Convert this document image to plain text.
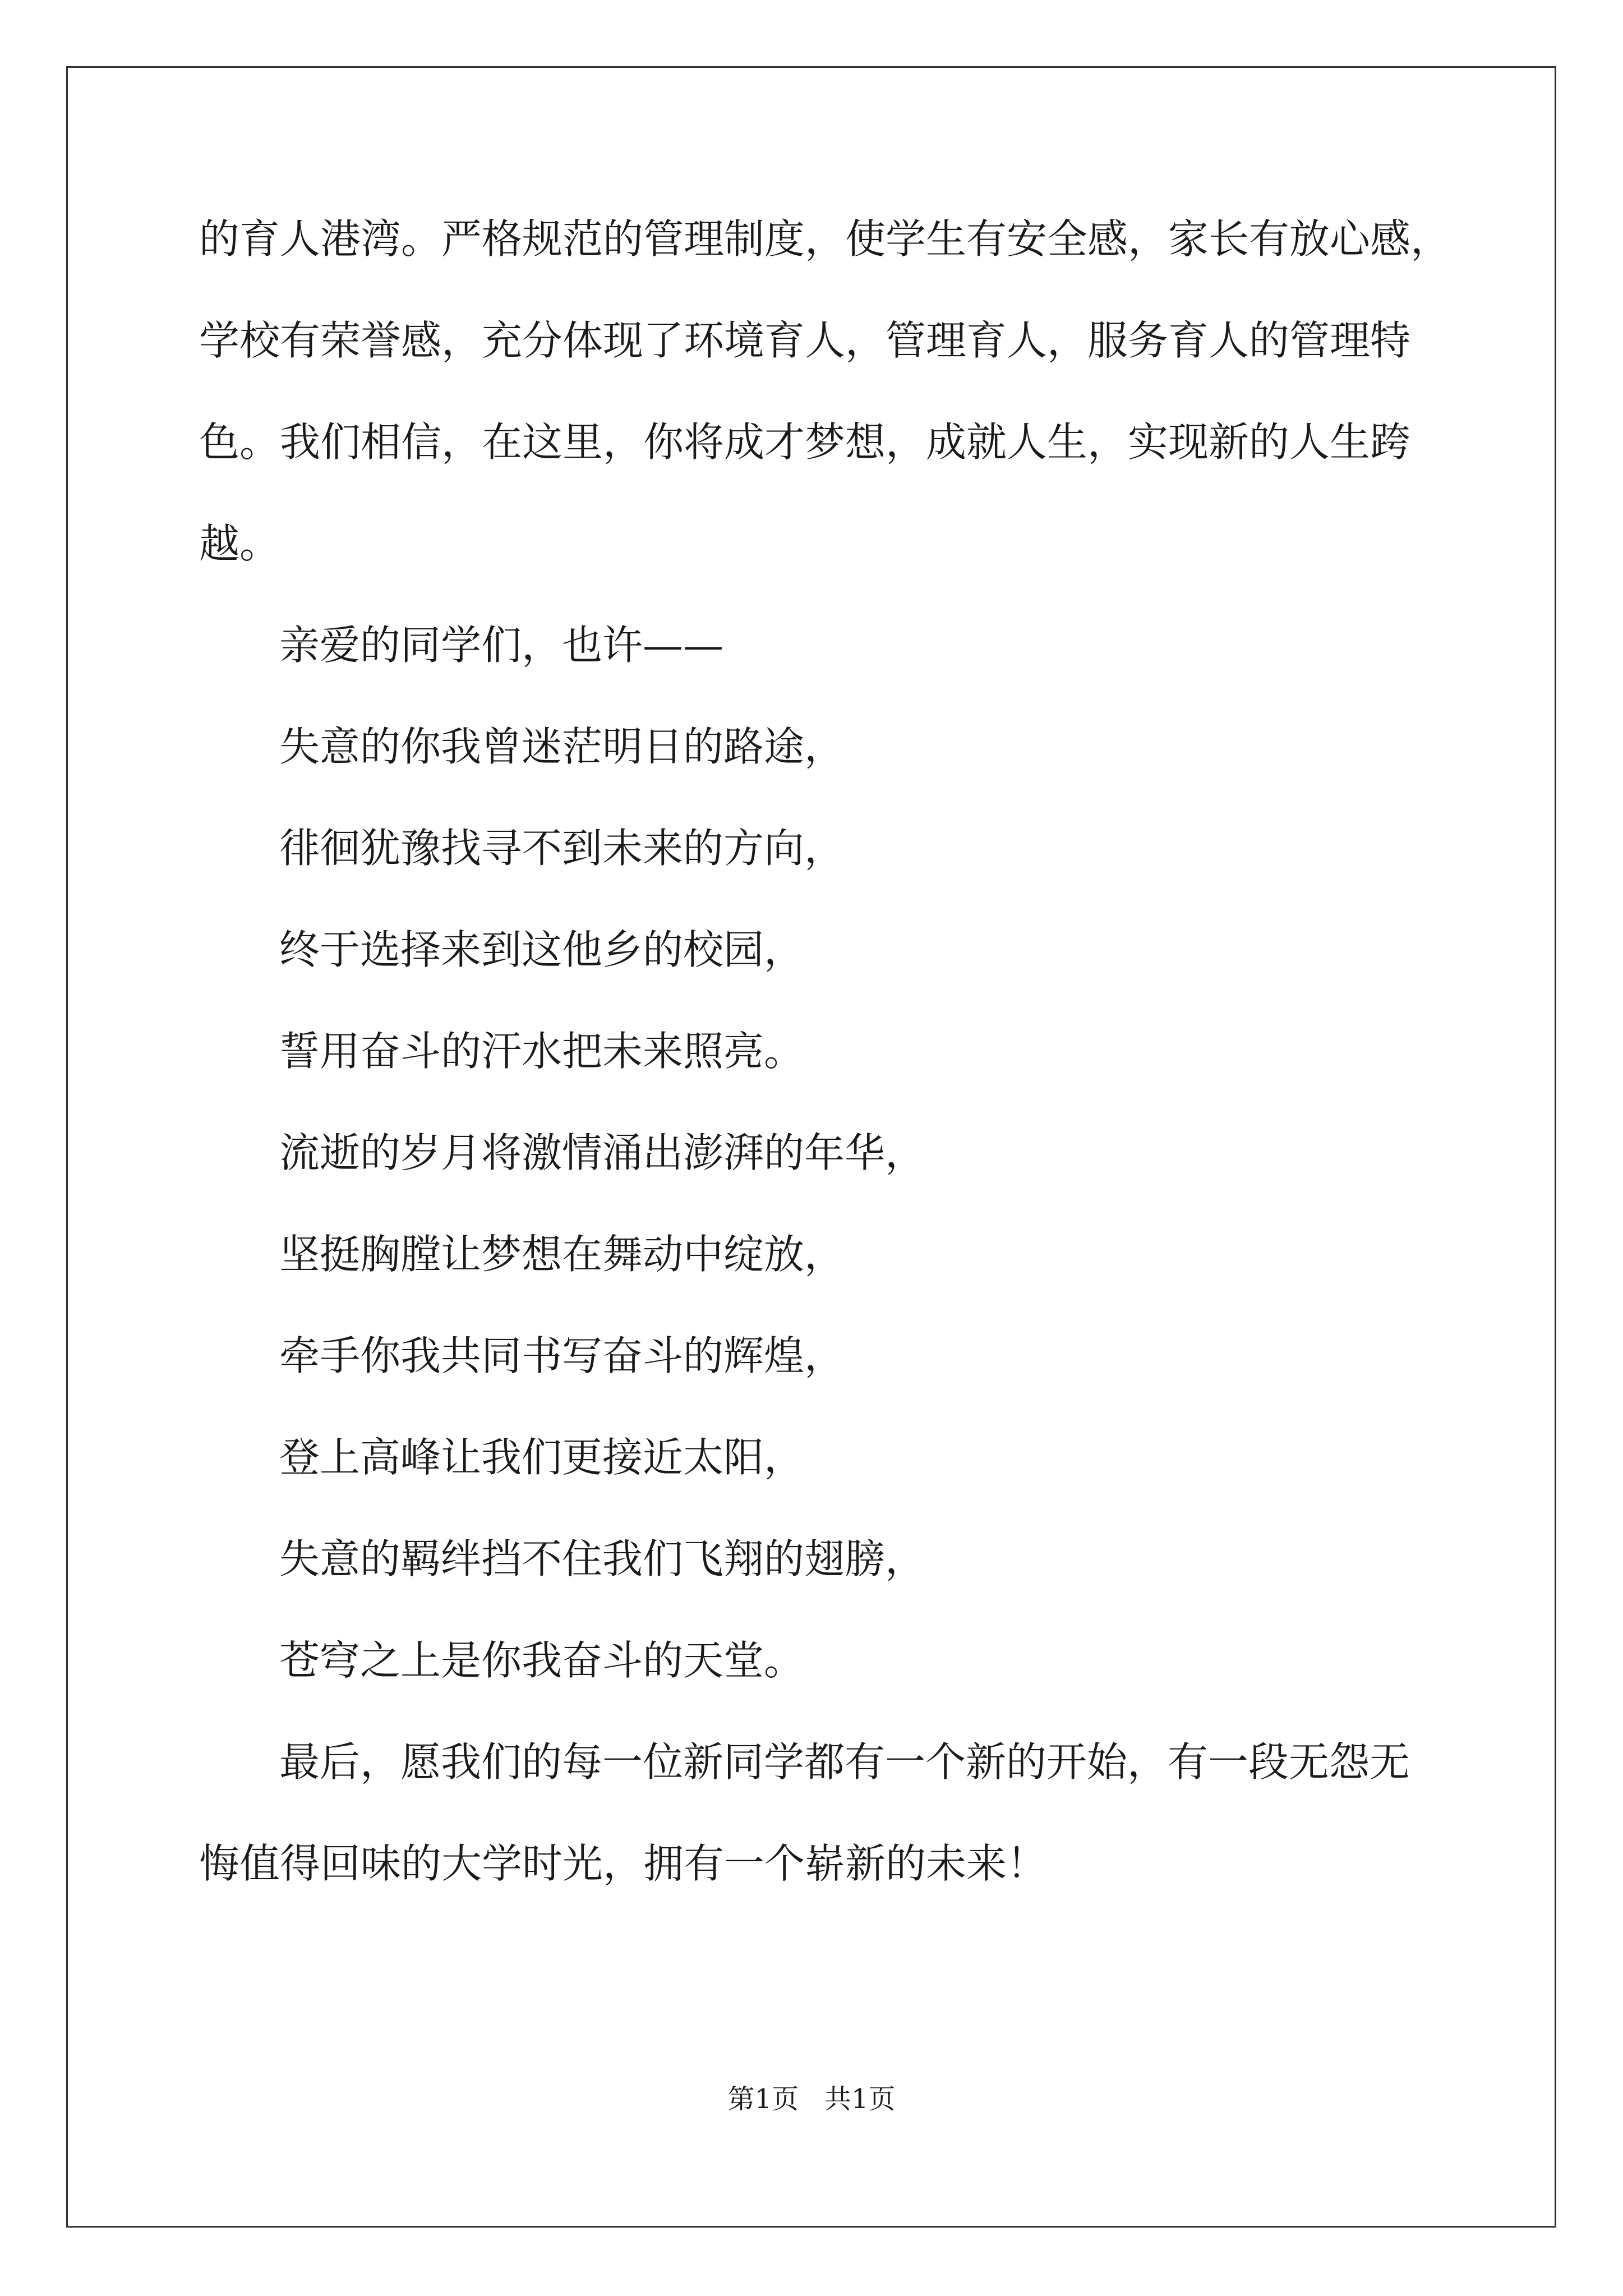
的育人港湾。严格规范的管理制度，使学生有安全感，家长有放心感，
学校有荣誉感，充分体现了环境育人，管理育人，服务育人的管理特
色。我们相信，在这里，你将成才梦想，成就人生，实现新的人生跨
越。
亲爱的同学们，也许——
失意的你我曾迷茫明日的路途，
徘徊犹豫找寻不到未来的方向，
终于选择来到这他乡的校园，
誓用奋斗的汗水把未来照亮。
流逝的岁月将激情涌出澎湃的年华，
坚挺胸膛让梦想在舞动中绽放，
牵手你我共同书写奋斗的辉煌，
登上高峰让我们更接近太阳，
失意的羁绊挡不住我们飞翔的翅膀，
苍穹之上是你我奋斗的天堂。
最后，愿我们的每一位新同学都有一个新的开始，有一段无怨无
悔值得回味的大学时光，拥有一个崭新的未来！
第1页   共1页
